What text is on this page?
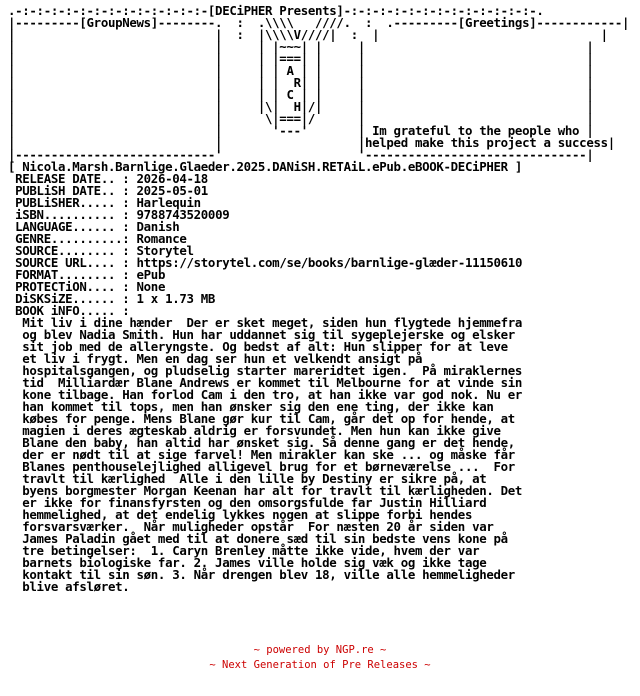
.-:-:-:-:-:-:-:-:-:-:-:-:-:-[DECiPHER Presents]-:-:-:-:-:-:-:-:-:-:-:-:-:-.
|---------[GroupNews]--------.  :  .\\\\   ////.  :  .---------[Greetings]------------|
|                            |  :  |\\\\V////|  :  |                               |
|                            |     | |~~~| |     |                               |
|                            |     | |===| |     |                               |
|                            |     | | A | |     |                               |
|                            |     | |  R| |     |                               |
|                            |     | | C | |     |                               |
|                            |     |\|  H|/|     |                               |
|                            |      \|===|/      |                               |
|                            |       '---'       | Im grateful to the people who |
|                            |                   |helped make this project a success|
|----------------------------'                   '-------------------------------|
[ Nicola.Marsh.Barnlige.Glaeder.2025.DANiSH.RETAiL.ePub.eBOOK-DECiPHER ]
RELEASE DATE.. : 2026-04-18
PUBLiSH DATE.. : 2025-05-01
PUBLiSHER..... : Harlequin
iSBN.......... : 9788743520009
LANGUAGE...... : Danish
GENRE..........: Romance
SOURCE........ : Storytel
SOURCE URL.... : https://storytel.com/se/books/barnlige-glæder-11150610
FORMAT........ : ePub
PROTECTiON.... : None
DiSKSiZE...... : 1 x 1.73 MB
BOOK iNFO..... :
Mit liv i dine hænder  Der er sket meget, siden hun flygtede hjemmefra
og blev Nadia Smith. Hun har uddannet sig til sygeplejerske og elsker
sit job med de alleryngste. Og bedst af alt: Hun slipper for at leve
et liv i frygt. Men en dag ser hun et velkendt ansigt på
hospitalsgangen, og pludselig starter mareridtet igen.  På miraklernes
tid  Milliardær Blane Andrews er kommet til Melbourne for at vinde sin
kone tilbage. Han forlod Cam i den tro, at han ikke var god nok. Nu er
han kommet til tops, men han ønsker sig den ene ting, der ikke kan
købes for penge. Mens Blane gør kur til Cam, går det op for hende, at
magien i deres ægteskab aldrig er forsvundet. Men hun kan ikke give
Blane den baby, han altid har ønsket sig. Så denne gang er det hende,
der er nødt til at sige farvel! Men mirakler kan ske ... og måske får
Blanes penthouselejlighed alligevel brug for et børneværelse ...  For
travlt til kærlighed  Alle i den lille by Destiny er sikre på, at
byens borgmester Morgan Keenan har alt for travlt til kærligheden. Det
er ikke for finansfyrsten og den omsorgsfulde far Justin Hilliard
hemmelighed, at det endelig lykkes nogen at slippe forbi hendes
forsvarsværker.  Når muligheder opstår  For næsten 20 år siden var
James Paladin gået med til at donere sæd til sin bedste vens kone på
tre betingelser:  1. Caryn Brenley måtte ikke vide, hvem der var
barnets biologiske far. 2. James ville holde sig væk og ikke tage
kontakt til sin søn. 3. Når drengen blev 18, ville alle hemmeligheder
blive afsløret.
~ powered by NGP.re ~
~ Next Generation of Pre Releases ~
